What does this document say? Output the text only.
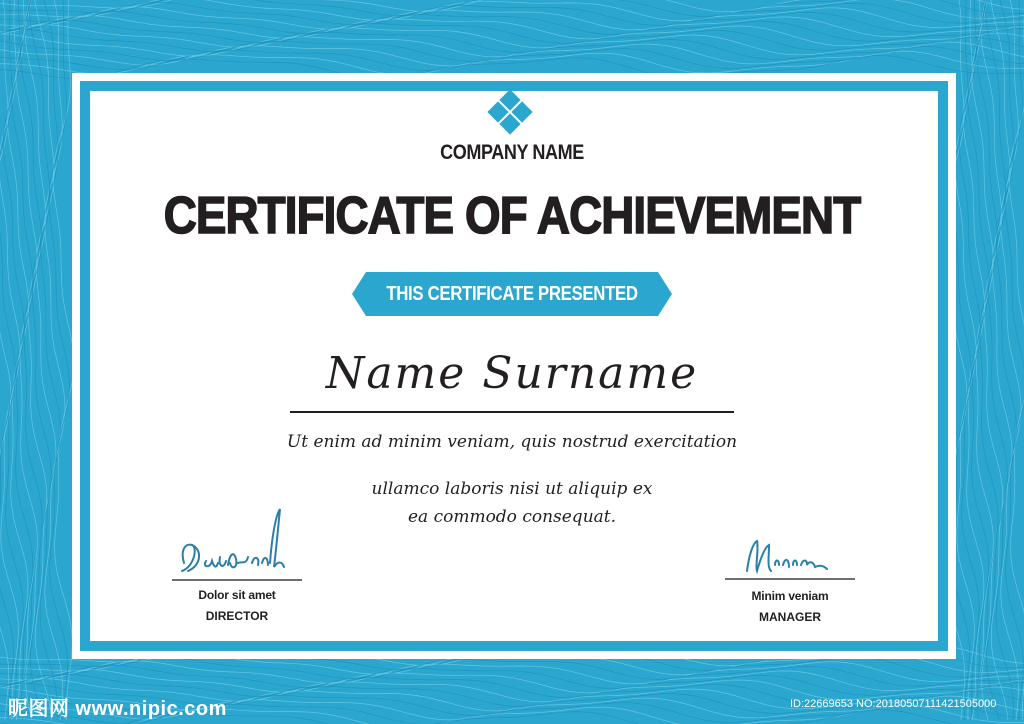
COMPANY NAME
CERTIFICATE OF ACHIEVEMENT
THIS CERTIFICATE PRESENTED TO
Name Surname
Ut enim ad minim veniam, quis nostrud exercitation
ullamco laboris nisi ut aliquip ex
ea commodo consequat.
Dolor sit amet
DIRECTOR
Minim veniam
MANAGER
昵图网 www.nipic.com	ID:22669653 NO:20180507111421505000
